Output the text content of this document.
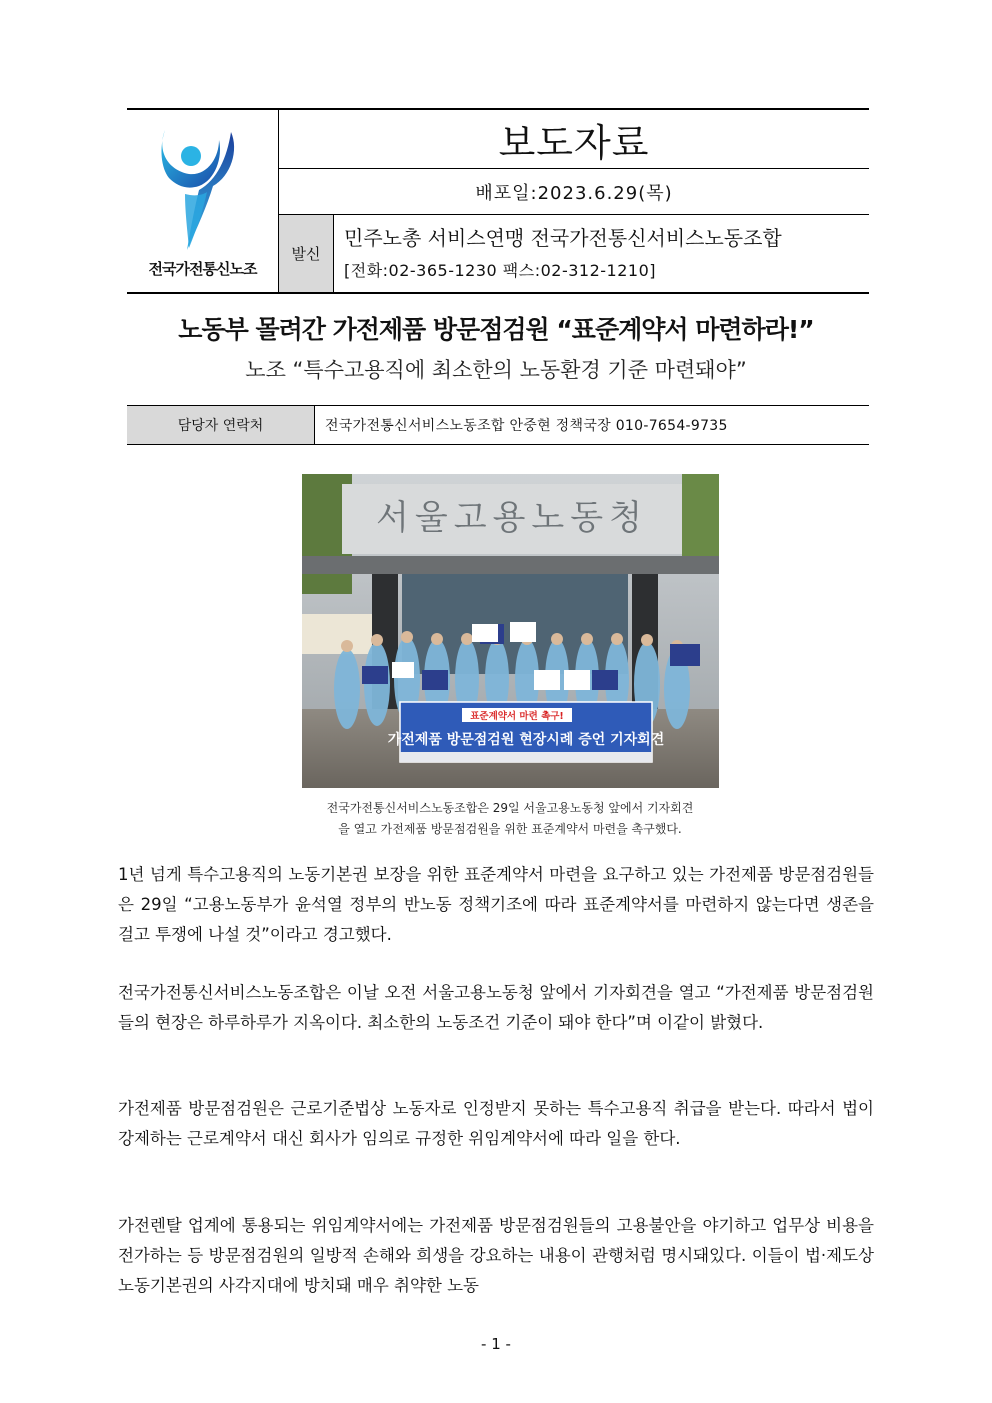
전국가전통신노조
보도자료
배포일:2023.6.29(목)
발신
민주노총 서비스연맹 전국가전통신서비스노동조합
[전화:02-365-1230 팩스:02-312-1210]
노동부 몰려간 가전제품 방문점검원 “표준계약서 마련하라!”
노조 “특수고용직에 최소한의 노동환경 기준 마련돼야”
담당자 연락처	전국가전통신서비스노동조합 안중현 정책국장 010-7654-9735
서울고용노동청
표준계약서 마련 촉구!
가전제품 방문점검원 현장시례 증언 기자회견
전국가전통신서비스노동조합은 29일 서울고용노동청 앞에서 기자회견
을 열고 가전제품 방문점검원을 위한 표준계약서 마련을 촉구했다.
1년 넘게 특수고용직의 노동기본권 보장을 위한 표준계약서 마련을 요구하고 있는 가전제품 방문점검원들은 29일 “고용노동부가 윤석열 정부의 반노동 정책기조에 따라 표준계약서를 마련하지 않는다면 생존을 걸고 투쟁에 나설 것”이라고 경고했다.
전국가전통신서비스노동조합은 이날 오전 서울고용노동청 앞에서 기자회견을 열고 “가전제품 방문점검원들의 현장은 하루하루가 지옥이다. 최소한의 노동조건 기준이 돼야 한다”며 이같이 밝혔다.
가전제품 방문점검원은 근로기준법상 노동자로 인정받지 못하는 특수고용직 취급을 받는다. 따라서 법이 강제하는 근로계약서 대신 회사가 임의로 규정한 위임계약서에 따라 일을 한다.
가전렌탈 업계에 통용되는 위임계약서에는 가전제품 방문점검원들의 고용불안을 야기하고 업무상 비용을 전가하는 등 방문점검원의 일방적 손해와 희생을 강요하는 내용이 관행처럼 명시돼있다. 이들이 법·제도상 노동기본권의 사각지대에 방치돼 매우 취약한 노동
- 1 -
